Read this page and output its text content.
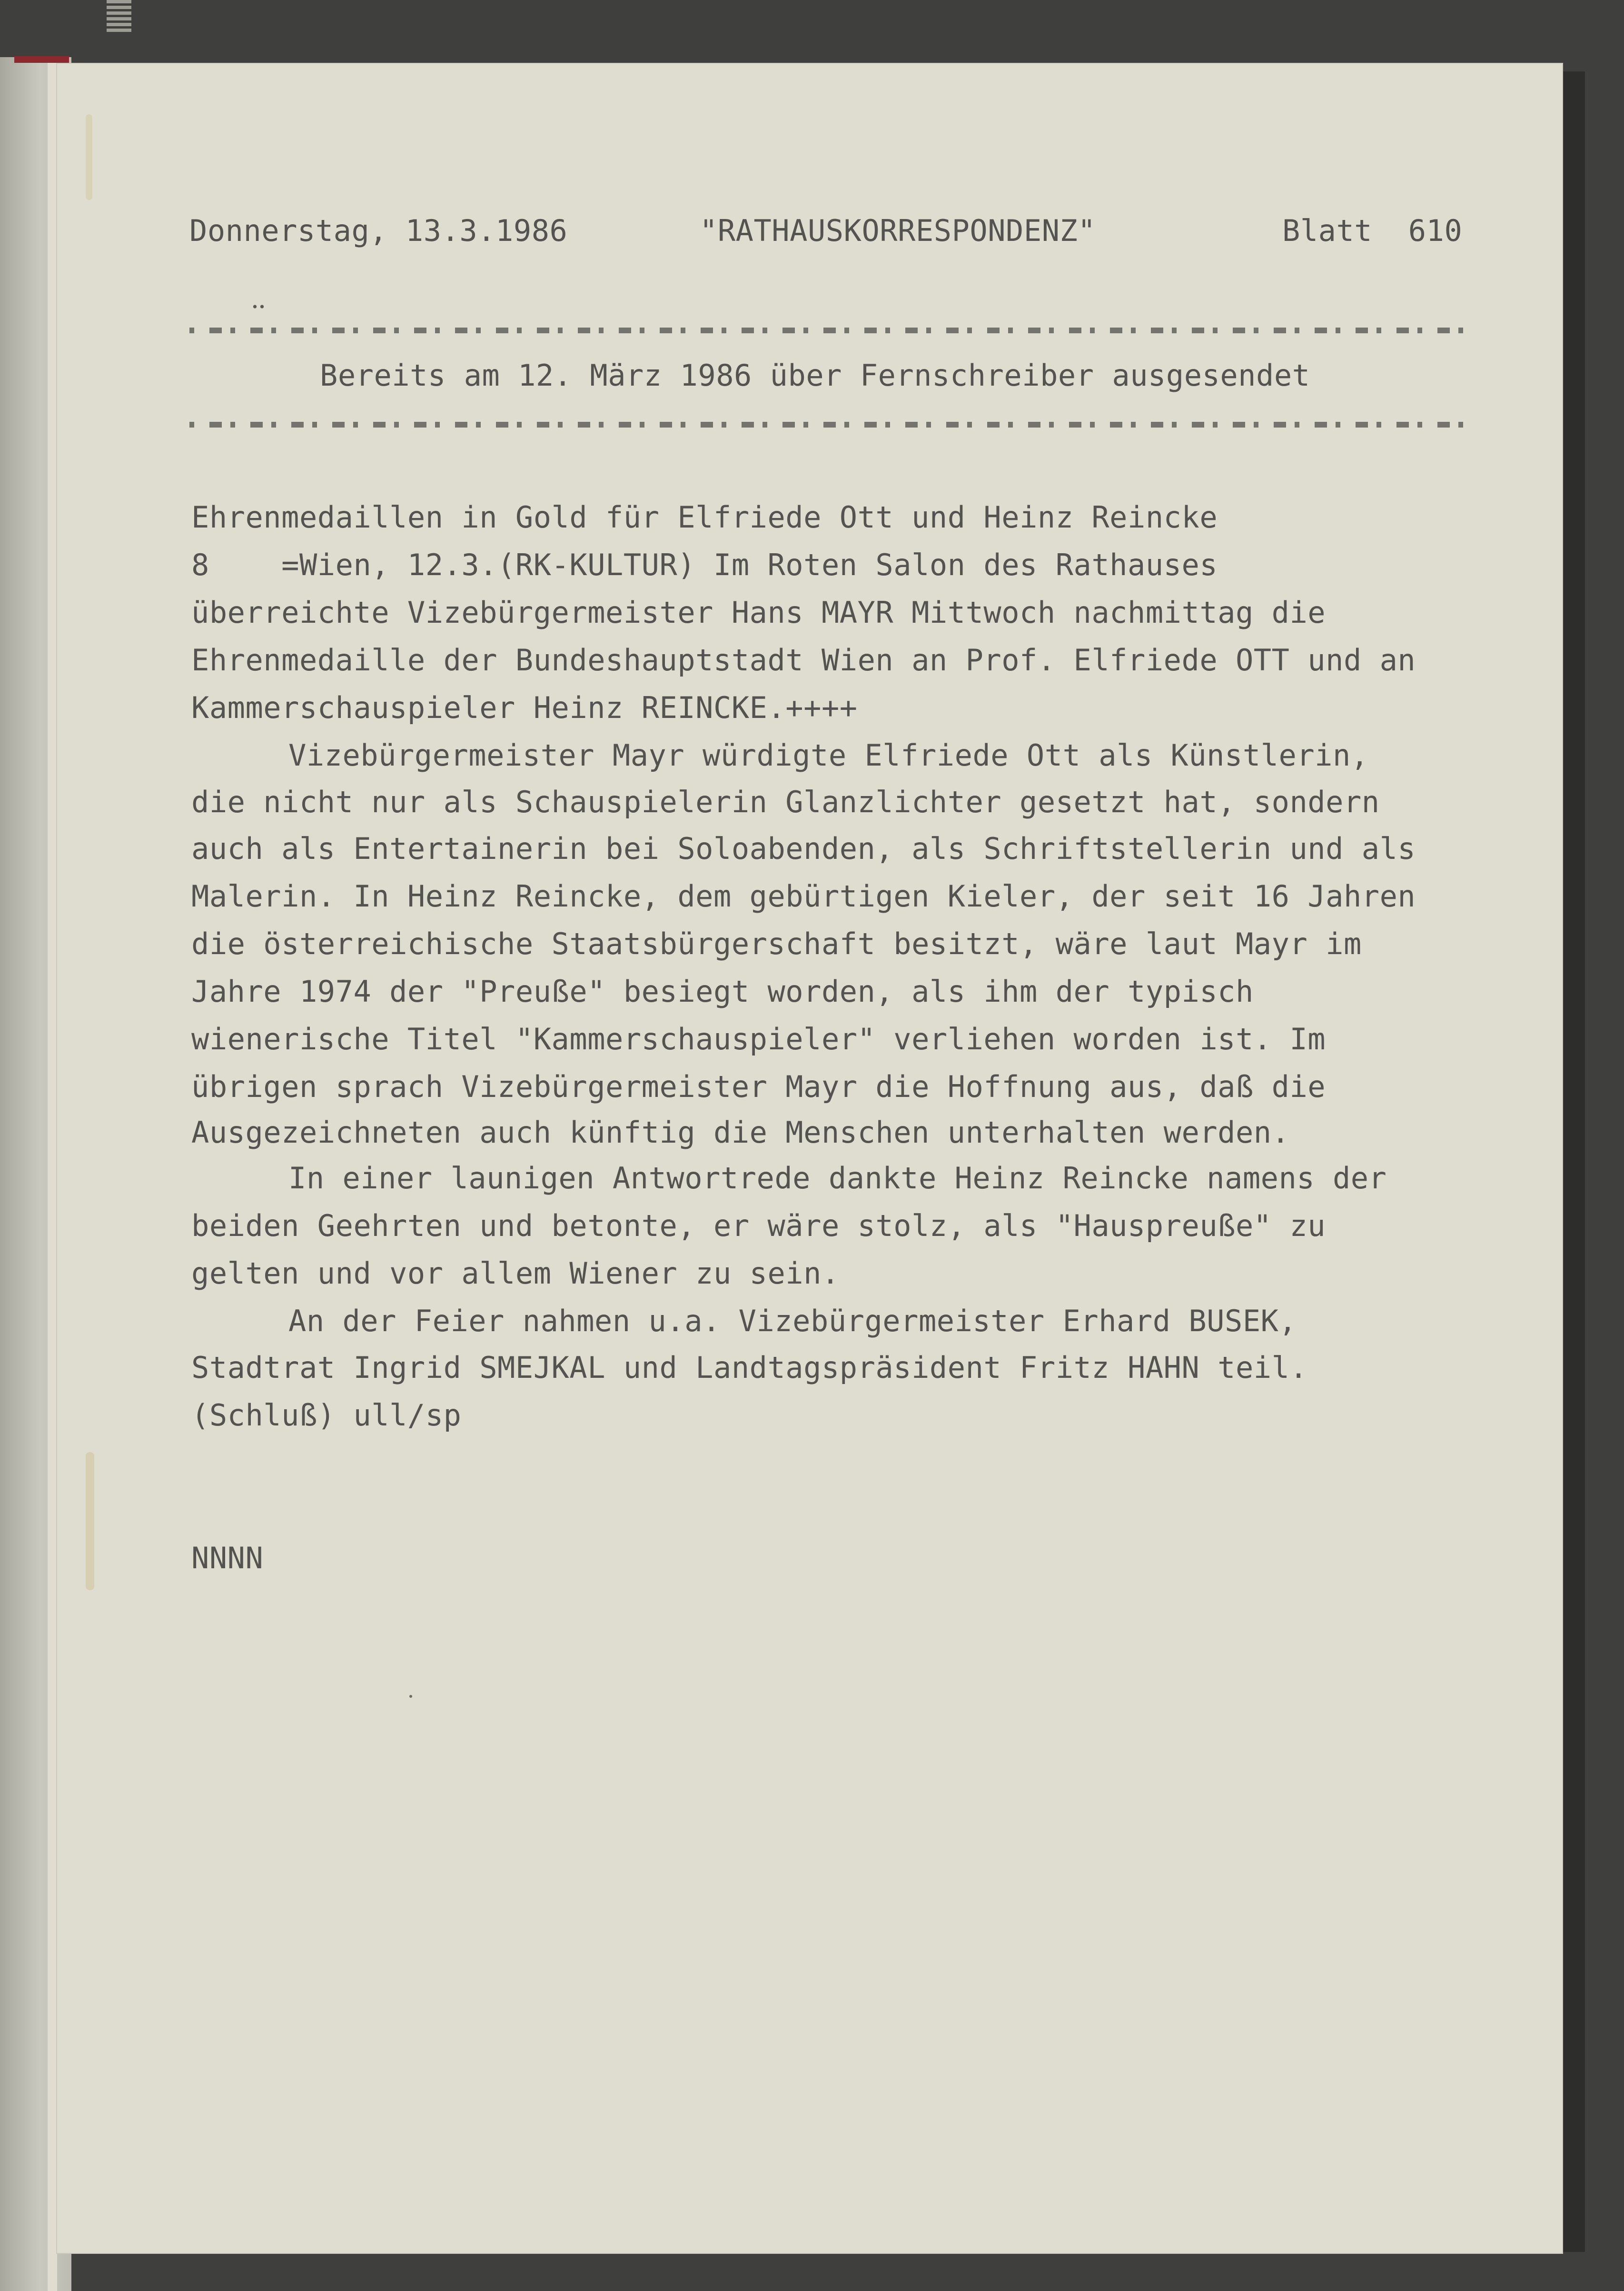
Donnerstag, 13.3.1986

	"RATHAUSKORRESPONDENZ"

	Blatt  610

Bereits am 12. März 1986 über Fernschreiber ausgesendet

Ehrenmedaillen in Gold für Elfriede Ott und Heinz Reincke

8    =Wien, 12.3.(RK-KULTUR) Im Roten Salon des Rathauses

überreichte Vizebürgermeister Hans MAYR Mittwoch nachmittag die

Ehrenmedaille der Bundeshauptstadt Wien an Prof. Elfriede OTT und an

Kammerschauspieler Heinz REINCKE.++++

Vizebürgermeister Mayr würdigte Elfriede Ott als Künstlerin,

die nicht nur als Schauspielerin Glanzlichter gesetzt hat, sondern

auch als Entertainerin bei Soloabenden, als Schriftstellerin und als

Malerin. In Heinz Reincke, dem gebürtigen Kieler, der seit 16 Jahren

die österreichische Staatsbürgerschaft besitzt, wäre laut Mayr im

Jahre 1974 der "Preuße" besiegt worden, als ihm der typisch

wienerische Titel "Kammerschauspieler" verliehen worden ist. Im

übrigen sprach Vizebürgermeister Mayr die Hoffnung aus, daß die

Ausgezeichneten auch künftig die Menschen unterhalten werden.

In einer launigen Antwortrede dankte Heinz Reincke namens der

beiden Geehrten und betonte, er wäre stolz, als "Hauspreuße" zu

gelten und vor allem Wiener zu sein.

An der Feier nahmen u.a. Vizebürgermeister Erhard BUSEK,

Stadtrat Ingrid SMEJKAL und Landtagspräsident Fritz HAHN teil.

(Schluß) ull/sp

NNNN
